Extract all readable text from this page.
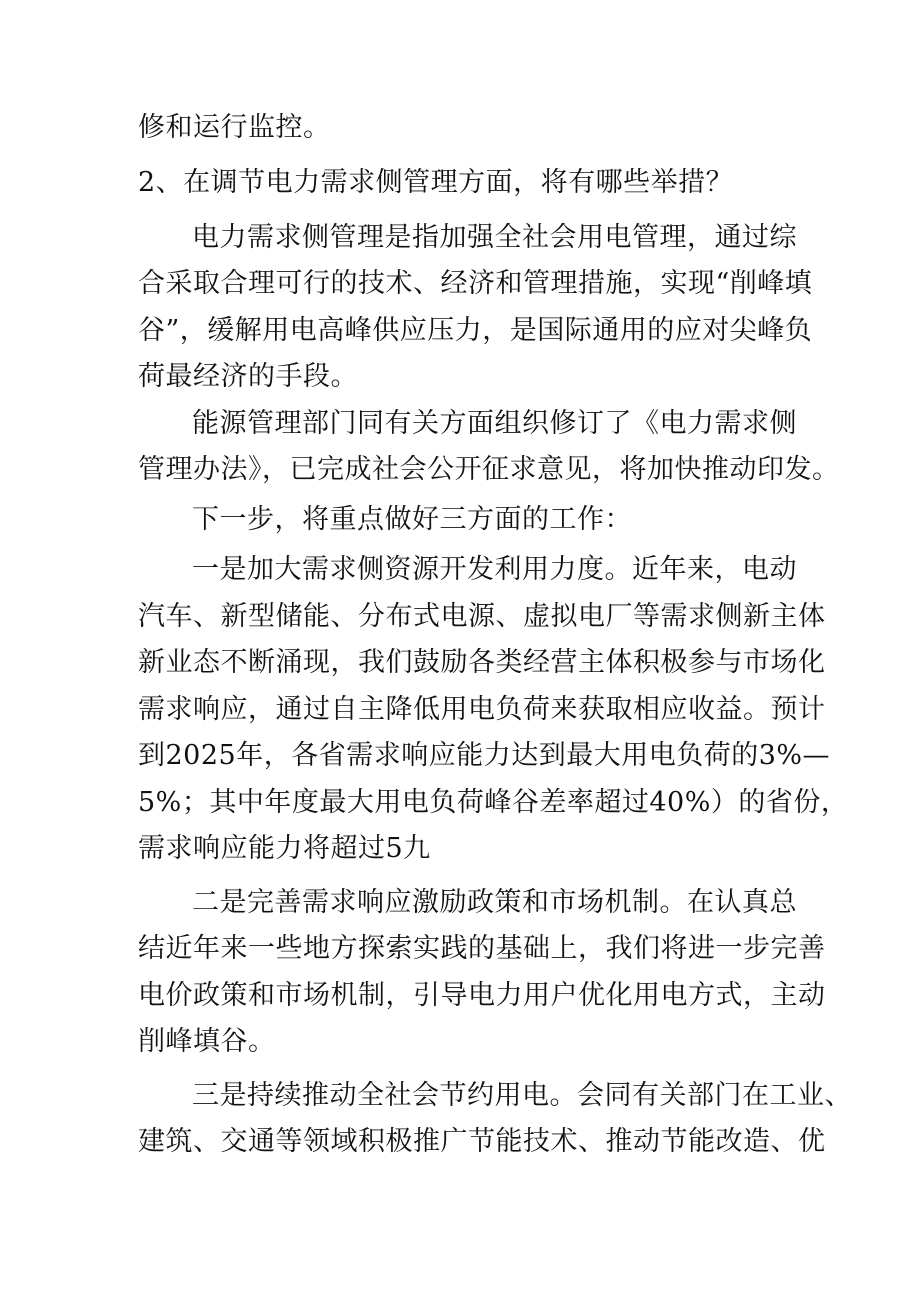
修和运行监控。
2、在调节电力需求侧管理方面，将有哪些举措？
电力需求侧管理是指加强全社会用电管理，通过综
合采取合理可行的技术、经济和管理措施，实现“削峰填
谷”，缓解用电高峰供应压力，是国际通用的应对尖峰负
荷最经济的手段。
能源管理部门同有关方面组织修订了《电力需求侧
管理办法》，已完成社会公开征求意见，将加快推动印发。
下一步，将重点做好三方面的工作：
一是加大需求侧资源开发利用力度。近年来，电动
汽车、新型储能、分布式电源、虚拟电厂等需求侧新主体
新业态不断涌现，我们鼓励各类经营主体积极参与市场化
需求响应，通过自主降低用电负荷来获取相应收益。预计
到2025年，各省需求响应能力达到最大用电负荷的3%—
5%；其中年度最大用电负荷峰谷差率超过40%）的省份，
需求响应能力将超过5九
二是完善需求响应激励政策和市场机制。在认真总
结近年来一些地方探索实践的基础上，我们将进一步完善
电价政策和市场机制，引导电力用户优化用电方式，主动
削峰填谷。
三是持续推动全社会节约用电。会同有关部门在工业、
建筑、交通等领域积极推广节能技术、推动节能改造、优
